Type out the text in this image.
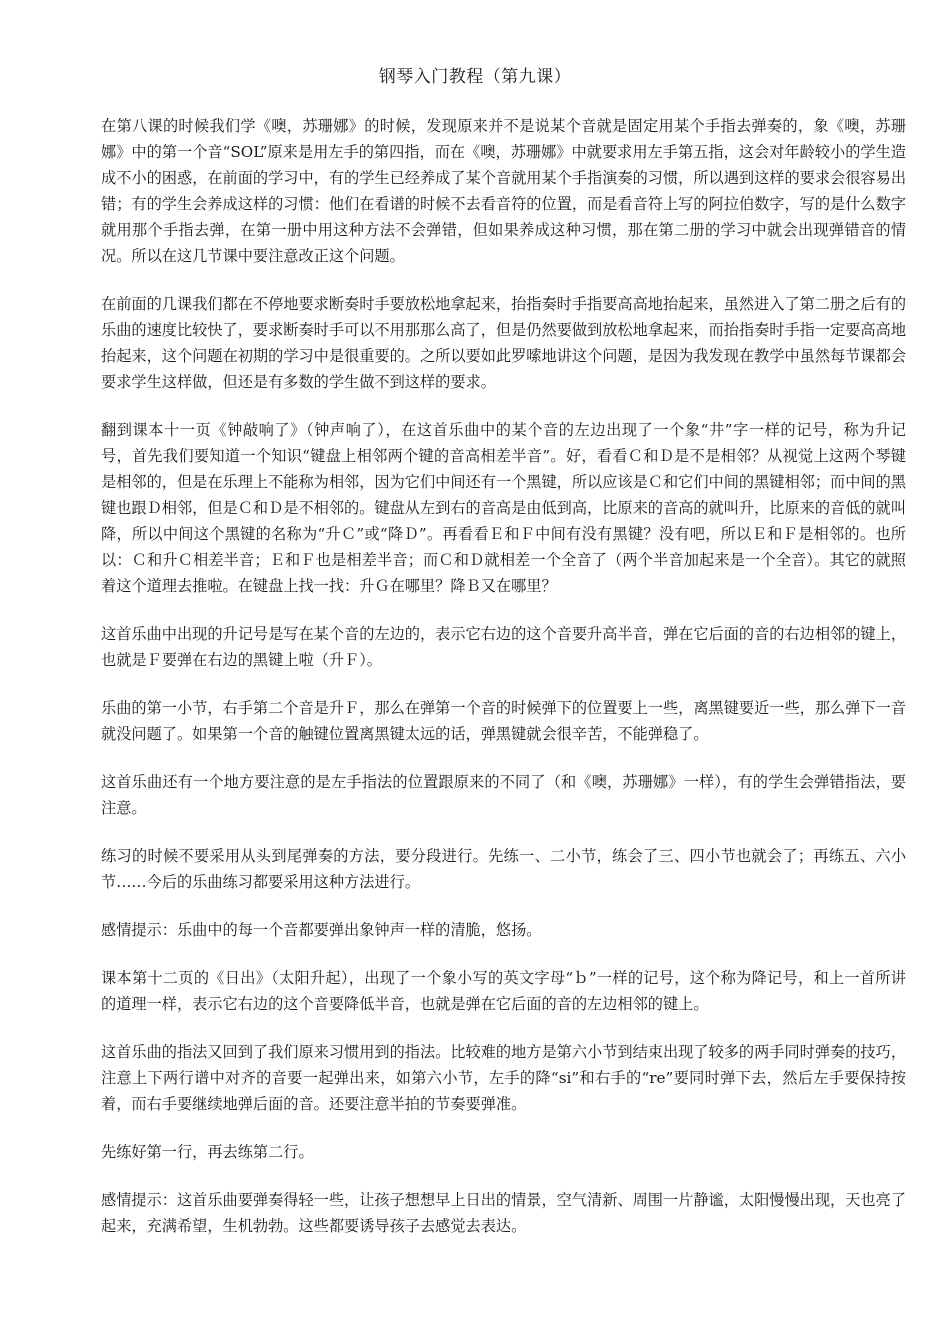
钢琴入门教程（第九课）

在第八课的时候我们学《噢，苏珊娜》的时候，发现原来并不是说某个音就是固定用某个手指去弹奏的，象《噢，苏珊娜》中的第一个音“SOL”原来是用左手的第四指，而在《噢，苏珊娜》中就要求用左手第五指，这会对年龄较小的学生造成不小的困惑，在前面的学习中，有的学生已经养成了某个音就用某个手指演奏的习惯，所以遇到这样的要求会很容易出错；有的学生会养成这样的习惯：他们在看谱的时候不去看音符的位置，而是看音符上写的阿拉伯数字，写的是什么数字就用那个手指去弹，在第一册中用这种方法不会弹错，但如果养成这种习惯，那在第二册的学习中就会出现弹错音的情况。所以在这几节课中要注意改正这个问题。

在前面的几课我们都在不停地要求断奏时手要放松地拿起来，抬指奏时手指要高高地抬起来，虽然进入了第二册之后有的乐曲的速度比较快了，要求断奏时手可以不用那那么高了，但是仍然要做到放松地拿起来，而抬指奏时手指一定要高高地抬起来，这个问题在初期的学习中是很重要的。之所以要如此罗嗦地讲这个问题，是因为我发现在教学中虽然每节课都会要求学生这样做，但还是有多数的学生做不到这样的要求。

翻到课本十一页《钟敲响了》（钟声响了），在这首乐曲中的某个音的左边出现了一个象“井”字一样的记号，称为升记号，首先我们要知道一个知识“键盘上相邻两个键的音高相差半音”。好，看看Ｃ和Ｄ是不是相邻？从视觉上这两个琴键是相邻的，但是在乐理上不能称为相邻，因为它们中间还有一个黑键，所以应该是Ｃ和它们中间的黑键相邻；而中间的黑键也跟Ｄ相邻，但是Ｃ和Ｄ是不相邻的。键盘从左到右的音高是由低到高，比原来的音高的就叫升，比原来的音低的就叫降，所以中间这个黑键的名称为“升Ｃ”或“降Ｄ”。再看看Ｅ和Ｆ中间有没有黑键？没有吧，所以Ｅ和Ｆ是相邻的。也所以：Ｃ和升Ｃ相差半音；Ｅ和Ｆ也是相差半音；而Ｃ和Ｄ就相差一个全音了（两个半音加起来是一个全音）。其它的就照着这个道理去推啦。在键盘上找一找：升Ｇ在哪里？降Ｂ又在哪里？

这首乐曲中出现的升记号是写在某个音的左边的，表示它右边的这个音要升高半音，弹在它后面的音的右边相邻的键上，也就是Ｆ要弹在右边的黑键上啦（升Ｆ）。

乐曲的第一小节，右手第二个音是升Ｆ，那么在弹第一个音的时候弹下的位置要上一些，离黑键要近一些，那么弹下一音就没问题了。如果第一个音的触键位置离黑键太远的话，弹黑键就会很辛苦，不能弹稳了。

这首乐曲还有一个地方要注意的是左手指法的位置跟原来的不同了（和《噢，苏珊娜》一样），有的学生会弹错指法，要注意。

练习的时候不要采用从头到尾弹奏的方法，要分段进行。先练一、二小节，练会了三、四小节也就会了；再练五、六小节……今后的乐曲练习都要采用这种方法进行。

感情提示：乐曲中的每一个音都要弹出象钟声一样的清脆，悠扬。

课本第十二页的《日出》（太阳升起），出现了一个象小写的英文字母“ｂ”一样的记号，这个称为降记号，和上一首所讲的道理一样，表示它右边的这个音要降低半音，也就是弹在它后面的音的左边相邻的键上。

这首乐曲的指法又回到了我们原来习惯用到的指法。比较难的地方是第六小节到结束出现了较多的两手同时弹奏的技巧，注意上下两行谱中对齐的音要一起弹出来，如第六小节，左手的降“si”和右手的“re”要同时弹下去，然后左手要保持按着，而右手要继续地弹后面的音。还要注意半拍的节奏要弹准。

先练好第一行，再去练第二行。

感情提示：这首乐曲要弹奏得轻一些，让孩子想想早上日出的情景，空气清新、周围一片静谧，太阳慢慢出现，天也亮了起来，充满希望，生机勃勃。这些都要诱导孩子去感觉去表达。
